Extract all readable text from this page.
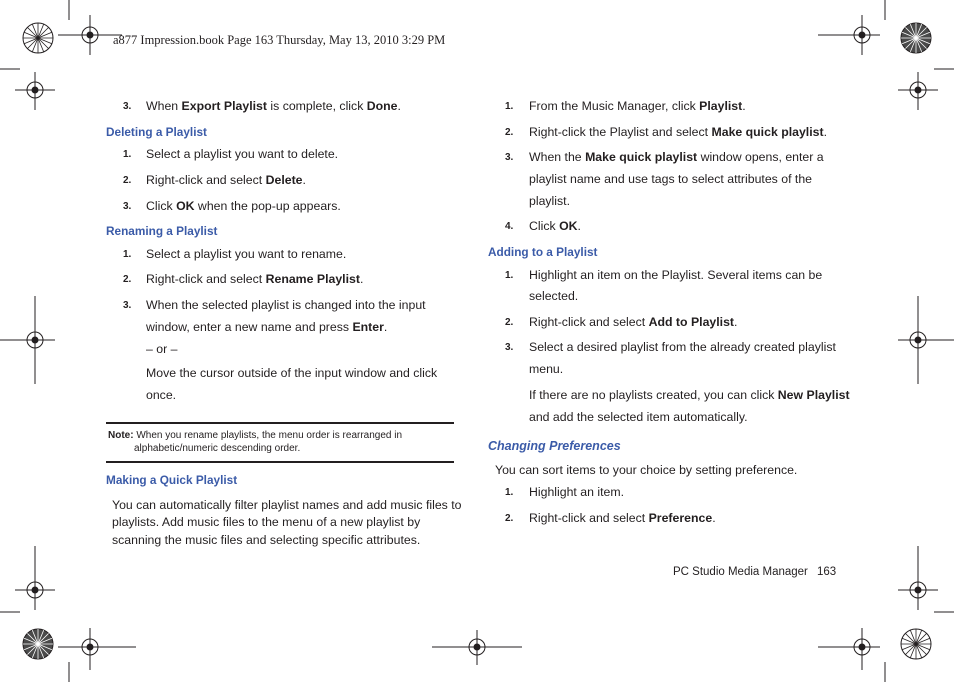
a877 Impression.book Page 163 Thursday, May 13, 2010 3:29 PM
3. When Export Playlist is complete, click Done.
Deleting a Playlist
1. Select a playlist you want to delete.
2. Right-click and select Delete.
3. Click OK when the pop-up appears.
Renaming a Playlist
1. Select a playlist you want to rename.
2. Right-click and select Rename Playlist.
3. When the selected playlist is changed into the input
window, enter a new name and press Enter.
– or –
Move the cursor outside of the input window and click
once.
Note: When you rename playlists, the menu order is rearranged in
alphabetic/numeric descending order.
Making a Quick Playlist
You can automatically filter playlist names and add music files to
playlists. Add music files to the menu of a new playlist by
scanning the music files and selecting specific attributes.
1. From the Music Manager, click Playlist.
2. Right-click the Playlist and select Make quick playlist.
3. When the Make quick playlist window opens, enter a
playlist name and use tags to select attributes of the
playlist.
4. Click OK.
Adding to a Playlist
1. Highlight an item on the Playlist. Several items can be
selected.
2. Right-click and select Add to Playlist.
3. Select a desired playlist from the already created playlist
menu.
If there are no playlists created, you can click New Playlist
and add the selected item automatically.
Changing Preferences
You can sort items to your choice by setting preference.
1. Highlight an item.
2. Right-click and select Preference.
PC Studio Media Manager 163
